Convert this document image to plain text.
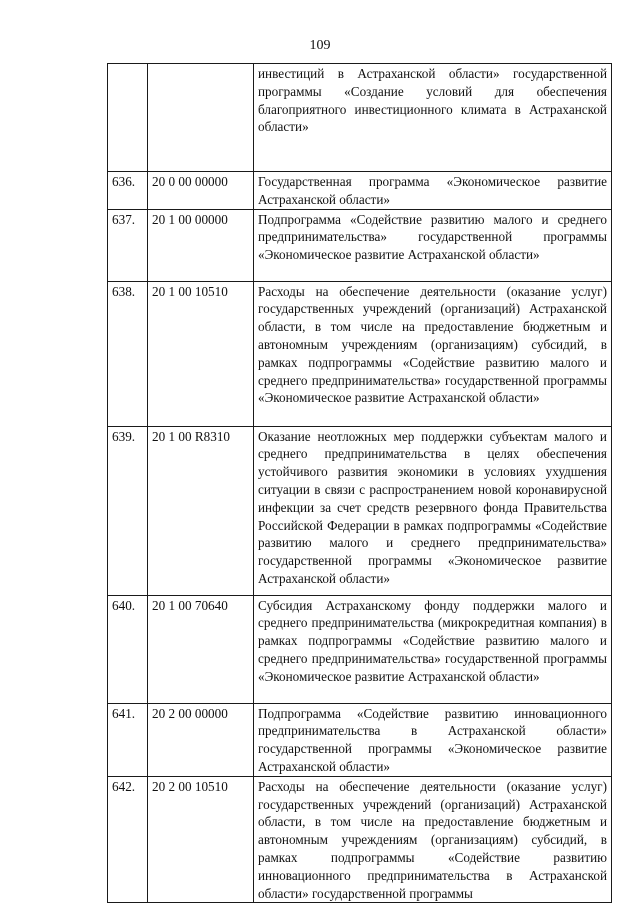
109
		инвестиций в Астраханской области» государственной программы «Создание условий для обеспечения благоприятного инвестиционного климата в Астраханской области»
636.	20 0 00 00000	Государственная программа «Экономическое развитие Астраханской области»
637.	20 1 00 00000	Подпрограмма «Содействие развитию малого и среднего предпринимательства» государственной программы «Экономическое развитие Астраханской области»
638.	20 1 00 10510	Расходы на обеспечение деятельности (оказание услуг) государственных учреждений (организаций) Астраханской области, в том числе на предоставление бюджетным и автономным учреждениям (организациям) субсидий, в рамках подпрограммы «Содействие развитию малого и среднего предпринимательства» государственной программы «Экономическое развитие Астраханской области»
639.	20 1 00 R8310	Оказание неотложных мер поддержки субъектам малого и среднего предпринимательства в целях обеспечения устойчивого развития экономики в условиях ухудшения ситуации в связи с распространением новой коронавирусной инфекции за счет средств резервного фонда Правительства Российской Федерации в рамках подпрограммы «Содействие развитию малого и среднего предпринимательства» государственной программы «Экономическое развитие Астраханской области»
640.	20 1 00 70640	Субсидия Астраханскому фонду поддержки малого и среднего предпринимательства (микрокредитная компания) в рамках подпрограммы «Содействие развитию малого и среднего предпринимательства» государственной программы «Экономическое развитие Астраханской области»
641.	20 2 00 00000	Подпрограмма «Содействие развитию инновационного предпринимательства в Астраханской области» государственной программы «Экономическое развитие Астраханской области»
642.	20 2 00 10510	Расходы на обеспечение деятельности (оказание услуг) государственных учреждений (организаций) Астраханской области, в том числе на предоставление бюджетным и автономным учреждениям (организациям) субсидий, в рамках подпрограммы «Содействие развитию инновационного предпринимательства в Астраханской области» государственной программы
